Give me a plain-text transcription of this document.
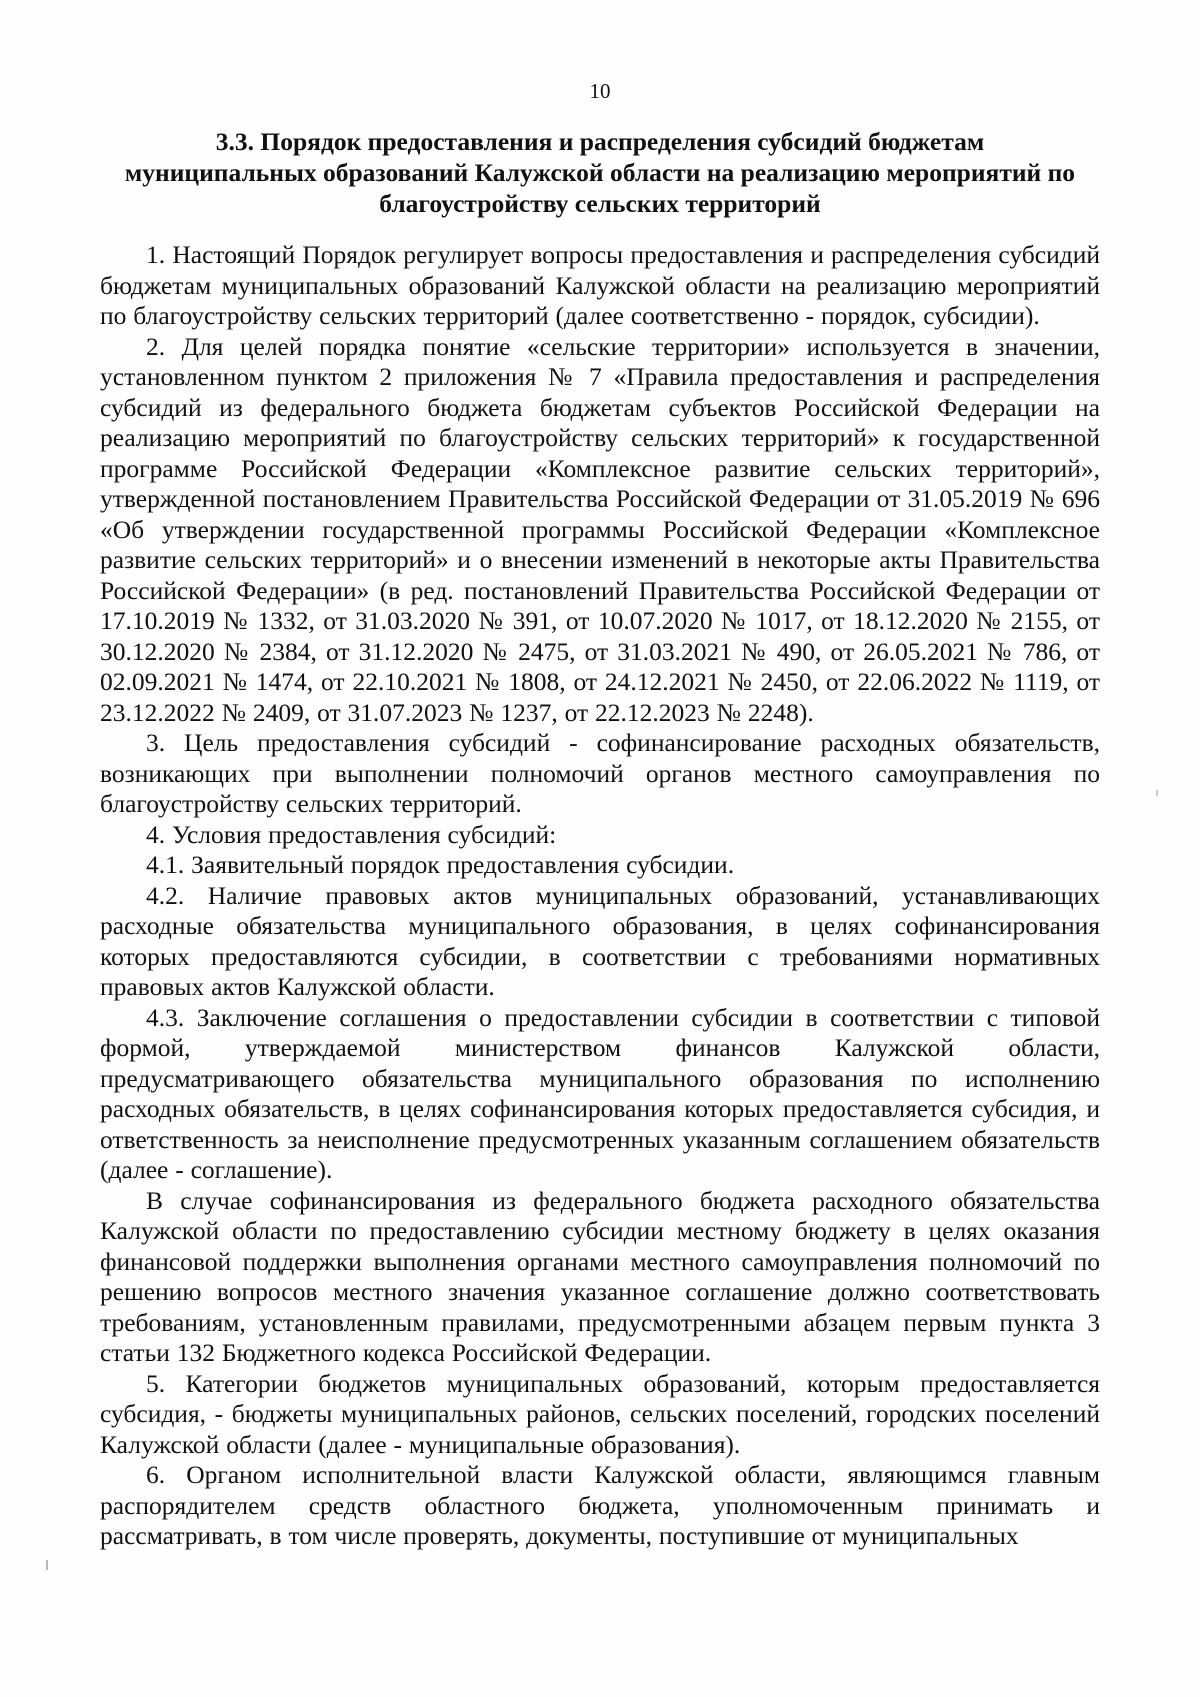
10
3.3. Порядок предоставления и распределения субсидий бюджетам
муниципальных образований Калужской области на реализацию мероприятий по
благоустройству сельских территорий

1. Настоящий Порядок регулирует вопросы предоставления и распределения субсидий бюджетам муниципальных образований Калужской области на реализацию мероприятий по благоустройству сельских территорий (далее соответственно - порядок, субсидии).

2. Для целей порядка понятие «сельские территории» используется в значении, установленном пунктом 2 приложения № 7 «Правила предоставления и распределения субсидий из федерального бюджета бюджетам субъектов Российской Федерации на реализацию мероприятий по благоустройству сельских территорий» к государственной программе Российской Федерации «Комплексное развитие сельских территорий», утвержденной постановлением Правительства Российской Федерации от 31.05.2019 № 696 «Об утверждении государственной программы Российской Федерации «Комплексное развитие сельских территорий» и о внесении изменений в некоторые акты Правительства Российской Федерации» (в ред. постановлений Правительства Российской Федерации от 17.10.2019 № 1332, от 31.03.2020 № 391, от 10.07.2020 № 1017, от 18.12.2020 № 2155, от 30.12.2020 № 2384, от 31.12.2020 № 2475, от 31.03.2021 № 490, от 26.05.2021 № 786, от 02.09.2021 № 1474, от 22.10.2021 № 1808, от 24.12.2021 № 2450, от 22.06.2022 № 1119, от 23.12.2022 № 2409, от 31.07.2023 № 1237, от 22.12.2023 № 2248).

3. Цель предоставления субсидий - софинансирование расходных обязательств, возникающих при выполнении полномочий органов местного самоуправления по благоустройству сельских территорий.

4. Условия предоставления субсидий:

4.1. Заявительный порядок предоставления субсидии.

4.2. Наличие правовых актов муниципальных образований, устанавливающих расходные обязательства муниципального образования, в целях софинансирования которых предоставляются субсидии, в соответствии с требованиями нормативных правовых актов Калужской области.

4.3. Заключение соглашения о предоставлении субсидии в соответствии с типовой формой, утверждаемой министерством финансов Калужской области, предусматривающего обязательства муниципального образования по исполнению расходных обязательств, в целях софинансирования которых предоставляется субсидия, и ответственность за неисполнение предусмотренных указанным соглашением обязательств (далее - соглашение).

В случае софинансирования из федерального бюджета расходного обязательства Калужской области по предоставлению субсидии местному бюджету в целях оказания финансовой поддержки выполнения органами местного самоуправления полномочий по решению вопросов местного значения указанное соглашение должно соответствовать требованиям, установленным правилами, предусмотренными абзацем первым пункта 3 статьи 132 Бюджетного кодекса Российской Федерации.

5. Категории бюджетов муниципальных образований, которым предоставляется субсидия, - бюджеты муниципальных районов, сельских поселений, городских поселений Калужской области (далее - муниципальные образования).

6. Органом исполнительной власти Калужской области, являющимся главным распорядителем средств областного бюджета, уполномоченным принимать и рассматривать, в том числе проверять, документы, поступившие от муниципальных
